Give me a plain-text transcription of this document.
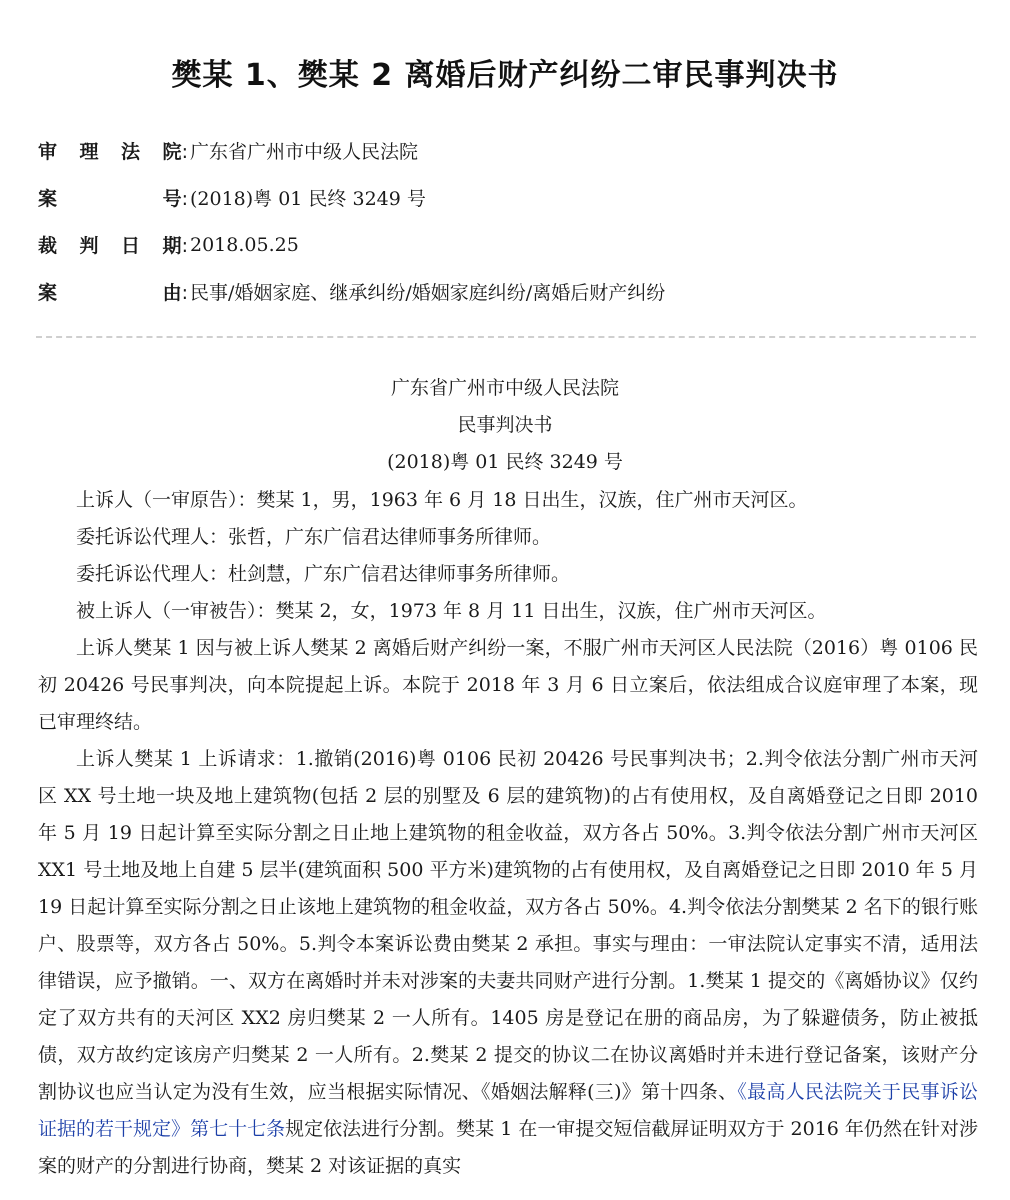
樊某 1、樊某 2 离婚后财产纠纷二审民事判决书
审 理 法 院: 广东省广州市中级人民法院
案	号: (2018)粤 01 民终 3249 号
裁 判 日 期: 2018.05.25
案	由: 民事/婚姻家庭、继承纠纷/婚姻家庭纠纷/离婚后财产纠纷
广东省广州市中级人民法院
民事判决书
(2018)粤 01 民终 3249 号

上诉人（一审原告）：樊某 1，男，1963 年 6 月 18 日出生，汉族，住广州市天河区。

委托诉讼代理人：张哲，广东广信君达律师事务所律师。

委托诉讼代理人：杜剑慧，广东广信君达律师事务所律师。

被上诉人（一审被告）：樊某 2，女，1973 年 8 月 11 日出生，汉族，住广州市天河区。

上诉人樊某 1 因与被上诉人樊某 2 离婚后财产纠纷一案，不服广州市天河区人民法院（2016）粤 0106 民初 20426 号民事判决，向本院提起上诉。本院于 2018 年 3 月 6 日立案后，依法组成合议庭审理了本案，现已审理终结。

上诉人樊某 1 上诉请求：1.撤销(2016)粤 0106 民初 20426 号民事判决书；2.判令依法分割广州市天河区 XX 号土地一块及地上建筑物(包括 2 层的别墅及 6 层的建筑物)的占有使用权，及自离婚登记之日即 2010 年 5 月 19 日起计算至实际分割之日止地上建筑物的租金收益，双方各占 50%。3.判令依法分割广州市天河区 XX1 号土地及地上自建 5 层半(建筑面积 500 平方米)建筑物的占有使用权，及自离婚登记之日即 2010 年 5 月 19 日起计算至实际分割之日止该地上建筑物的租金收益，双方各占 50%。4.判令依法分割樊某 2 名下的银行账户、股票等，双方各占 50%。5.判令本案诉讼费由樊某 2 承担。事实与理由：一审法院认定事实不清，适用法律错误，应予撤销。一、双方在离婚时并未对涉案的夫妻共同财产进行分割。1.樊某 1 提交的《离婚协议》仅约定了双方共有的天河区 XX2 房归樊某 2 一人所有。1405 房是登记在册的商品房，为了躲避债务，防止被抵债，双方故约定该房产归樊某 2 一人所有。2.樊某 2 提交的协议二在协议离婚时并未进行登记备案，该财产分割协议也应当认定为没有生效，应当根据实际情况、《婚姻法解释(三)》第十四条、《最高人民法院关于民事诉讼证据的若干规定》第七十七条规定依法进行分割。樊某 1 在一审提交短信截屏证明双方于 2016 年仍然在针对涉案的财产的分割进行协商，樊某 2 对该证据的真实
